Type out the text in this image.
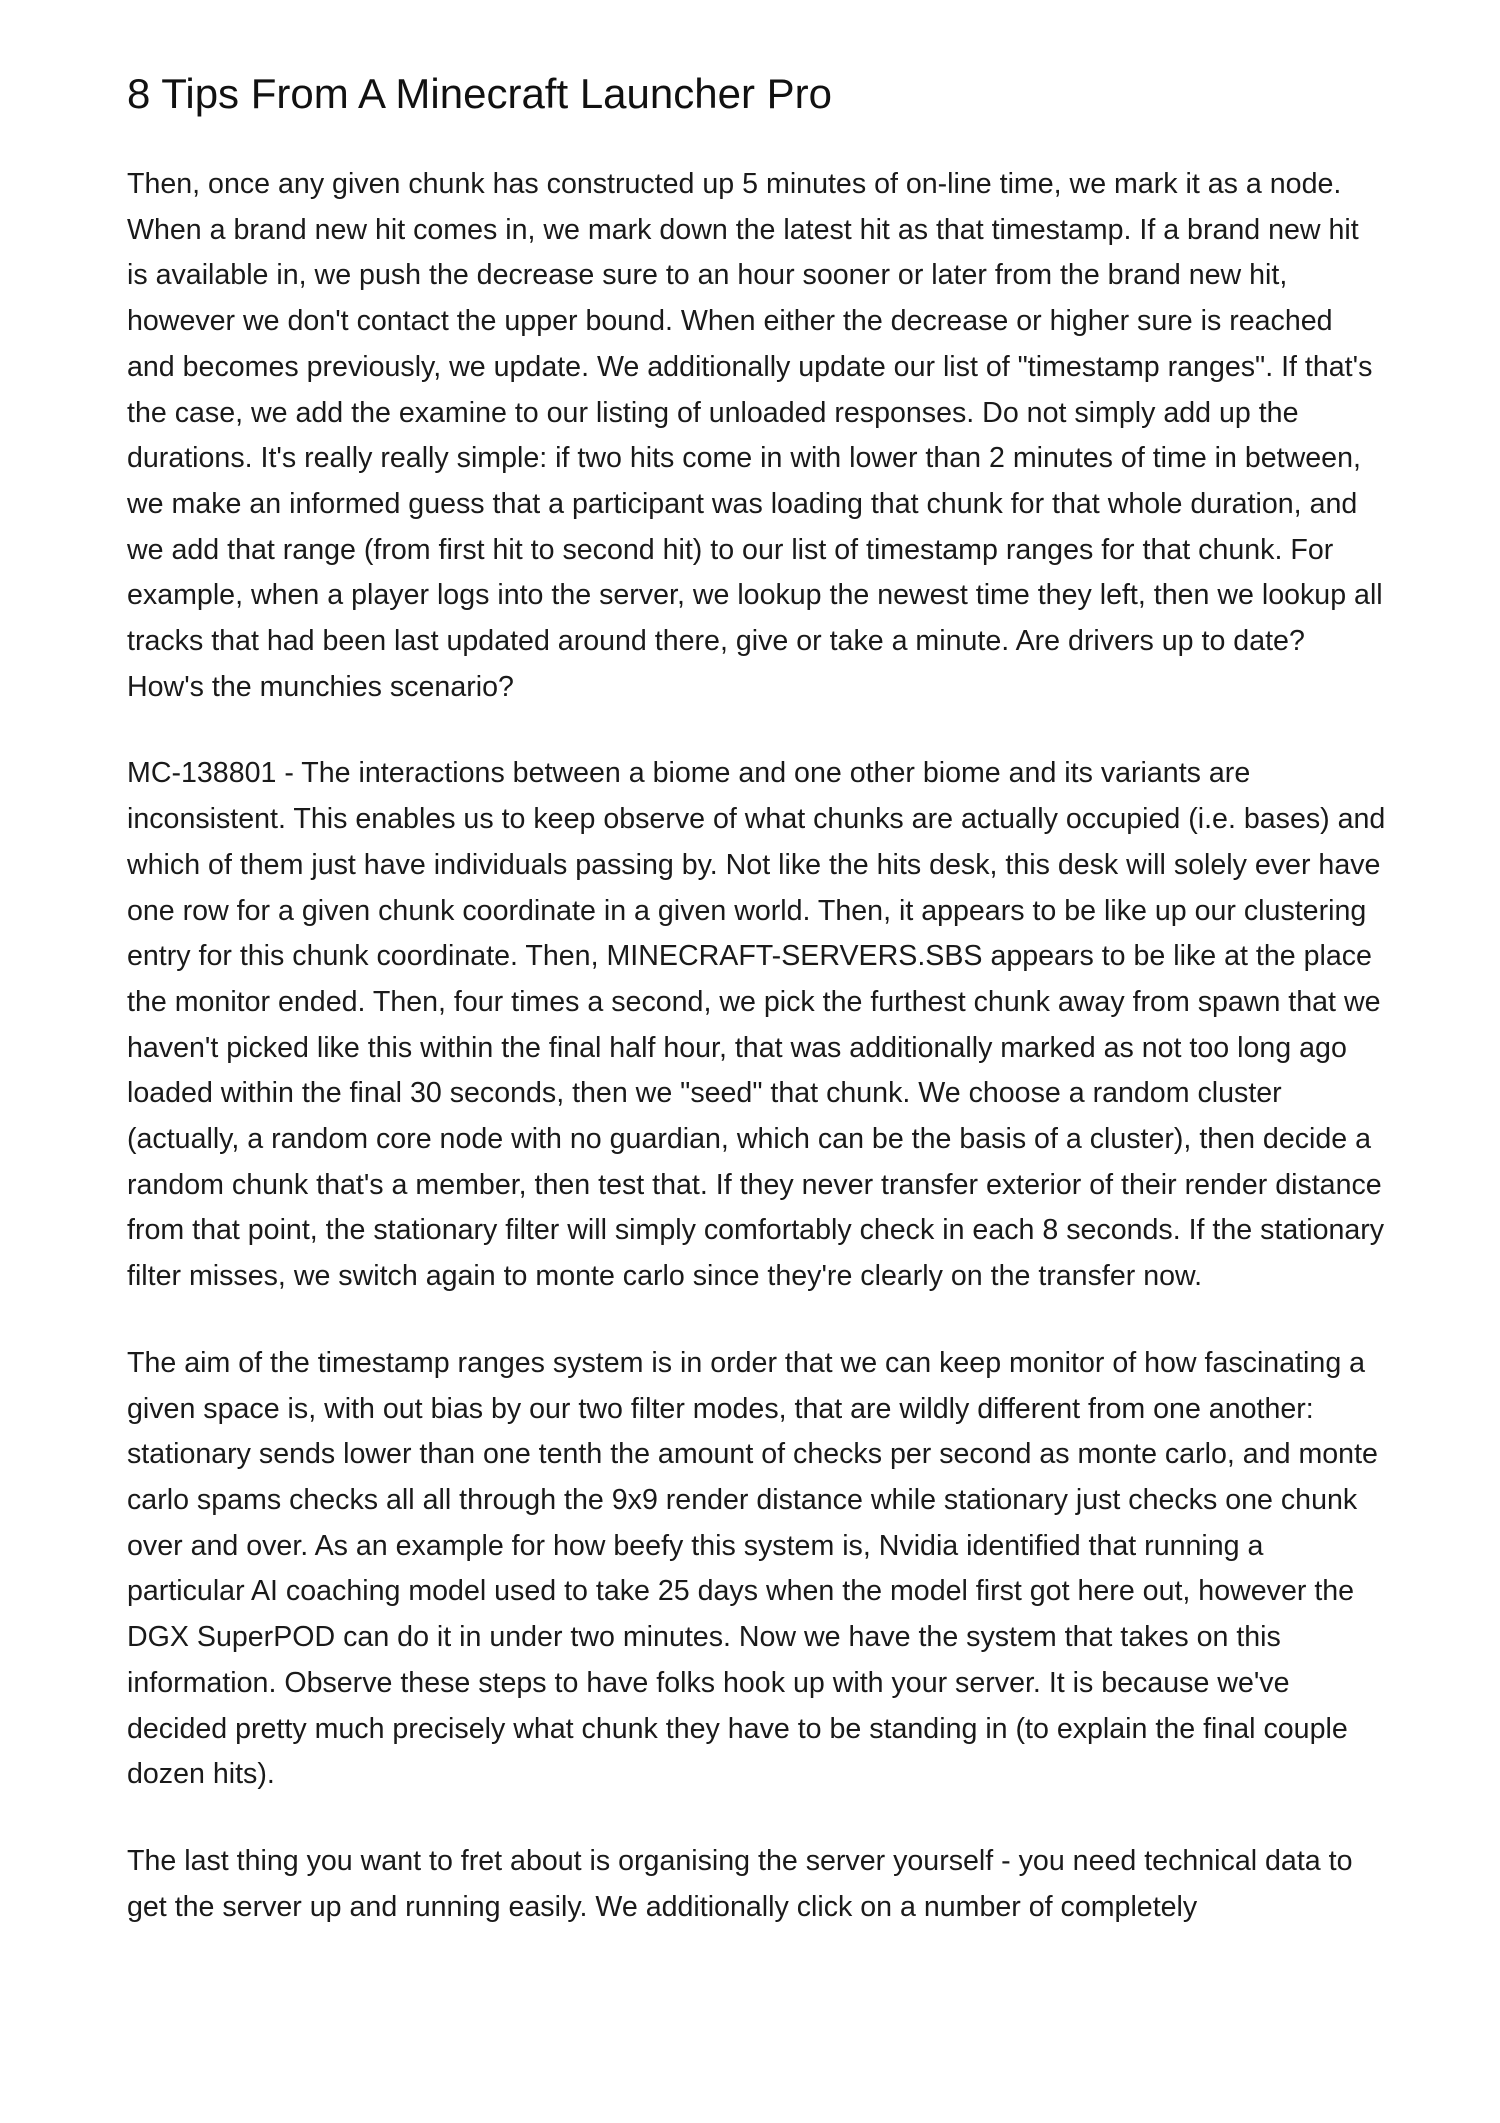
8 Tips From A Minecraft Launcher Pro

Then, once any given chunk has constructed up 5 minutes of on-line time, we mark it as a node. When a brand new hit comes in, we mark down the latest hit as that timestamp. If a brand new hit is available in, we push the decrease sure to an hour sooner or later from the brand new hit, however we don't contact the upper bound. When either the decrease or higher sure is reached and becomes previously, we update. We additionally update our list of "timestamp ranges". If that's the case, we add the examine to our listing of unloaded responses. Do not simply add up the durations. It's really really simple: if two hits come in with lower than 2 minutes of time in between, we make an informed guess that a participant was loading that chunk for that whole duration, and we add that range (from first hit to second hit) to our list of timestamp ranges for that chunk. For example, when a player logs into the server, we lookup the newest time they left, then we lookup all tracks that had been last updated around there, give or take a minute. Are drivers up to date? How's the munchies scenario?

MC-138801 - The interactions between a biome and one other biome and its variants are inconsistent. This enables us to keep observe of what chunks are actually occupied (i.e. bases) and which of them just have individuals passing by. Not like the hits desk, this desk will solely ever have one row for a given chunk coordinate in a given world. Then, it appears to be like up our clustering entry for this chunk coordinate. Then, MINECRAFT-SERVERS.SBS appears to be like at the place the monitor ended. Then, four times a second, we pick the furthest chunk away from spawn that we haven't picked like this within the final half hour, that was additionally marked as not too long ago loaded within the final 30 seconds, then we "seed" that chunk. We choose a random cluster (actually, a random core node with no guardian, which can be the basis of a cluster), then decide a random chunk that's a member, then test that. If they never transfer exterior of their render distance from that point, the stationary filter will simply comfortably check in each 8 seconds. If the stationary filter misses, we switch again to monte carlo since they're clearly on the transfer now.

The aim of the timestamp ranges system is in order that we can keep monitor of how fascinating a given space is, with out bias by our two filter modes, that are wildly different from one another: stationary sends lower than one tenth the amount of checks per second as monte carlo, and monte carlo spams checks all all through the 9x9 render distance while stationary just checks one chunk over and over. As an example for how beefy this system is, Nvidia identified that running a particular AI coaching model used to take 25 days when the model first got here out, however the DGX SuperPOD can do it in under two minutes. Now we have the system that takes on this information. Observe these steps to have folks hook up with your server. It is because we've decided pretty much precisely what chunk they have to be standing in (to explain the final couple dozen hits).

The last thing you want to fret about is organising the server yourself - you need technical data to get the server up and running easily. We additionally click on a number of completely
